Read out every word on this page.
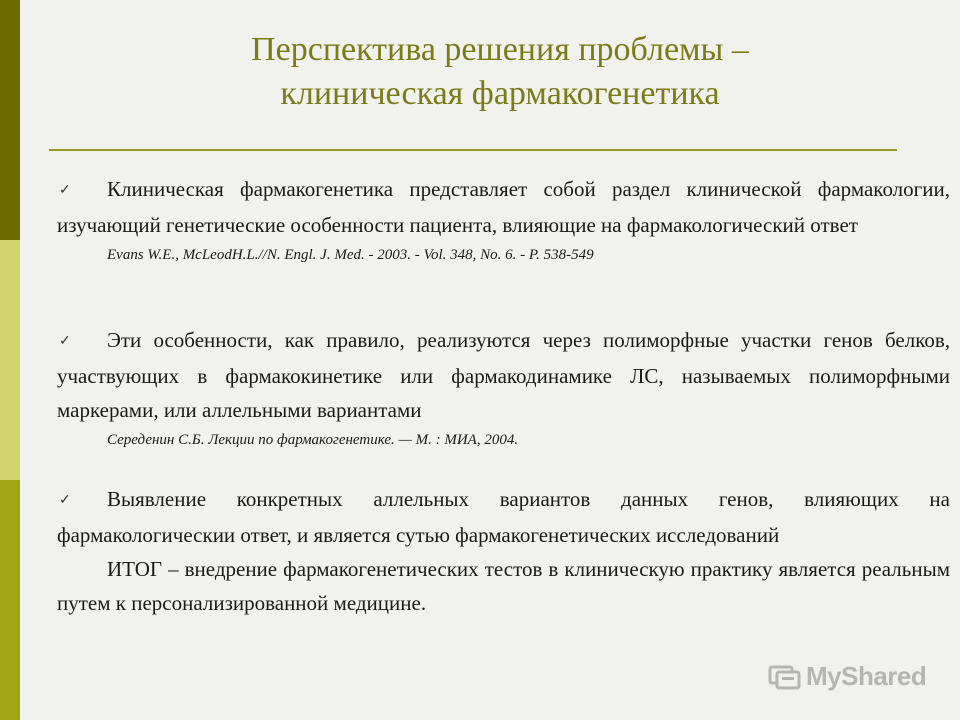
Перспектива решения проблемы –
клиническая фармакогенетика

✓ Клиническая фармакогенетика представляет собой раздел клинической фармакологии, изучающий генетические особенности пациента, влияющие на фармакологический ответ

Evans W.E., McLeodH.L.//N. Engl. J. Med. - 2003. - Vol. 348, No. 6. - P. 538-549

✓ Эти особенности, как правило, реализуются через полиморфные участки генов белков, участвующих в фармакокинетике или фармакодинамике ЛС, называемых полиморфными маркерами, или аллельными вариантами

Середенин С.Б. Лекции по фармакогенетике. — М. : МИА, 2004.

✓ Выявление конкретных аллельных вариантов данных генов, влияющих на фармакологическии ответ, и является сутью фармакогенетических исследований

ИТОГ – внедрение фармакогенетических тестов в клиническую практику является реальным путем к персонализированной медицине.

MyShared
